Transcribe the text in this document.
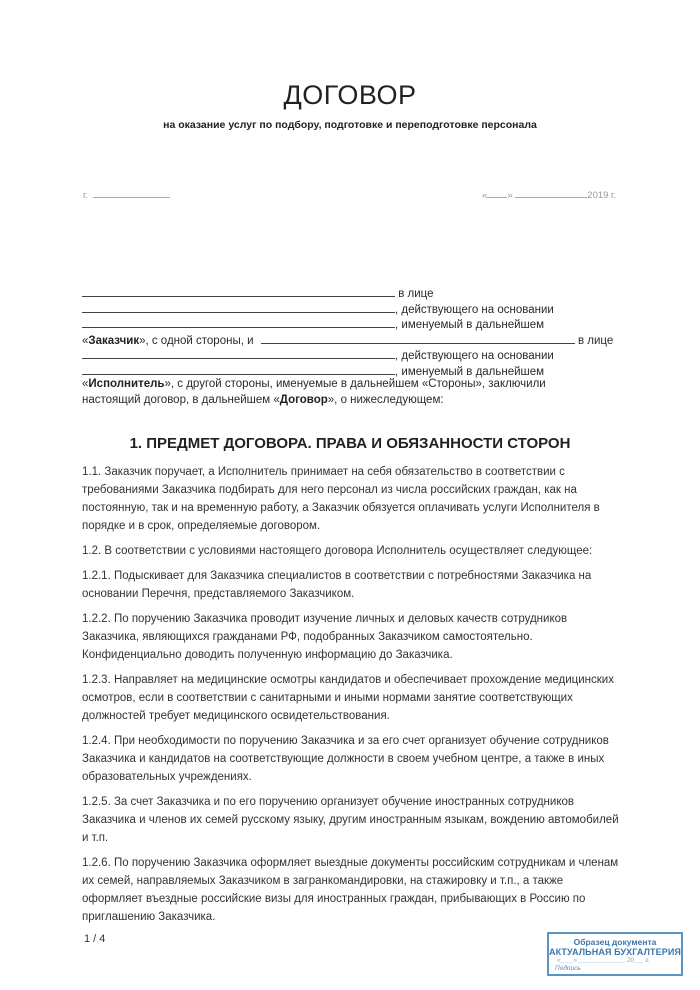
ДОГОВОР
на оказание услуг по подбору, подготовке и переподготовке персонала
г.	« »	2019 г.
в лице
, действующего на основании
, именуемый в дальнейшем
«Заказчик», с одной стороны, и	в лице
, действующего на основании
, именуемый в дальнейшем
«Исполнитель», с другой стороны, именуемые в дальнейшем «Стороны», заключили
настоящий договор, в дальнейшем «Договор», о нижеследующем:
1. ПРЕДМЕТ ДОГОВОРА. ПРАВА И ОБЯЗАННОСТИ СТОРОН

1.1. Заказчик поручает, а Исполнитель принимает на себя обязательство в соответствии с требованиями Заказчика подбирать для него персонал из числа российских граждан, как на постоянную, так и на временную работу, а Заказчик обязуется оплачивать услуги Исполнителя в порядке и в срок, определяемые договором.

1.2. В соответствии с условиями настоящего договора Исполнитель осуществляет следующее:

1.2.1. Подыскивает для Заказчика специалистов в соответствии с потребностями Заказчика на основании Перечня, представляемого Заказчиком.

1.2.2. По поручению Заказчика проводит изучение личных и деловых качеств сотрудников Заказчика, являющихся гражданами РФ, подобранных Заказчиком самостоятельно. Конфиденциально доводить полученную информацию до Заказчика.

1.2.3. Направляет на медицинские осмотры кандидатов и обеспечивает прохождение медицинских осмотров, если в соответствии с санитарными и иными нормами занятие соответствующих должностей требует медицинского освидетельствования.

1.2.4. При необходимости по поручению Заказчика и за его счет организует обучение сотрудников Заказчика и кандидатов на соответствующие должности в своем учебном центре, а также в иных образовательных учреждениях.

1.2.5. За счет Заказчика и по его поручению организует обучение иностранных сотрудников Заказчика и членов их семей русскому языку, другим иностранным языкам, вождению автомобилей и т.п.

1.2.6. По поручению Заказчика оформляет выездные документы российским сотрудникам и членам их семей, направляемых Заказчиком в загранкомандировки, на стажировку и т.п., а также оформляет въездные российские визы для иностранных граждан, прибывающих в Россию по приглашению Заказчика.

1 / 4	Образец документа
АКТУАЛЬНАЯ БУХГАЛТЕРИЯ
«____» ______________ 20___ г.
Подпись
